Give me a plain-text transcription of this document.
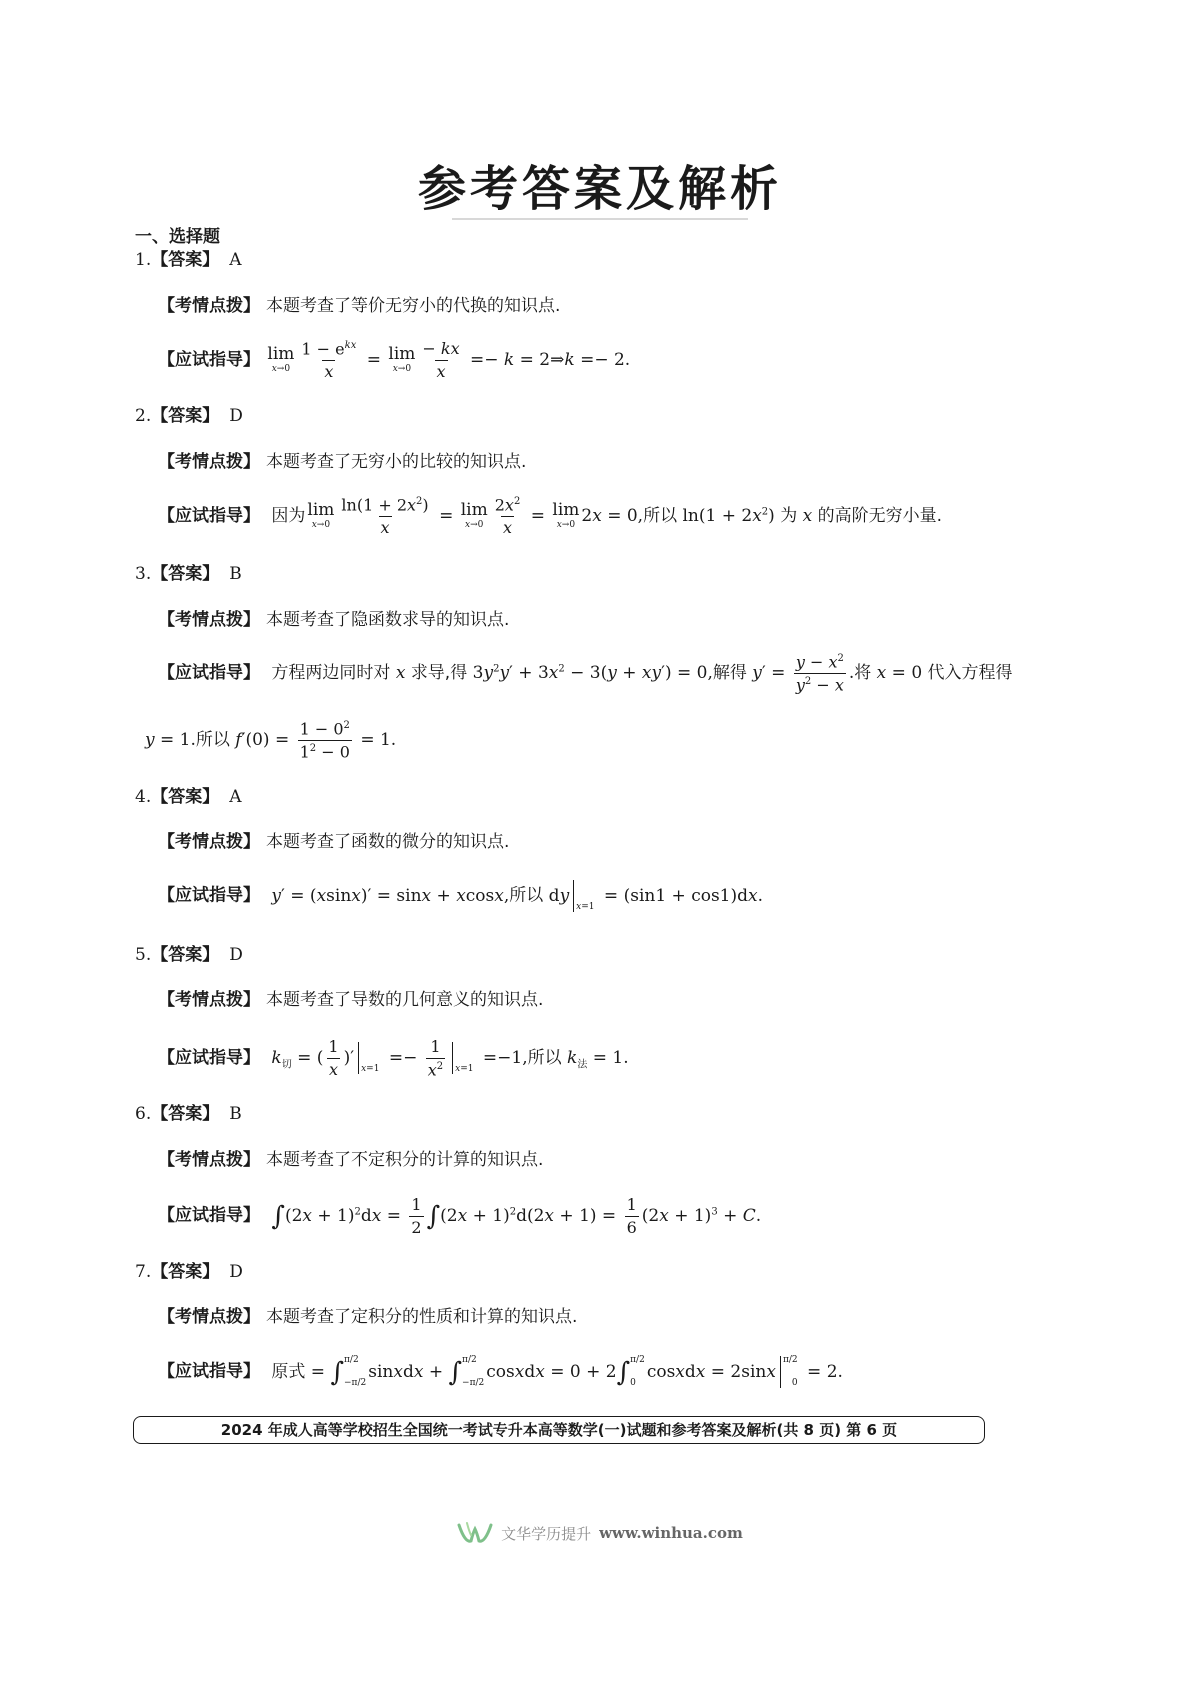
参考答案及解析
一、选择题
1.【答案】 A
【考情点拨】 本题考查了等价无穷小的代换的知识点.
【应试指导】 lim
$x\to 0 \frac{1 - e^{kx}}{x} = \lim$
$x\to 0 \frac{- kx}{x} =- k$ = 2⇒k =− 2.
2.【答案】 D
【考情点拨】 本题考查了无穷小的比较的知识点.
【应试指导】 因为 lim
$x\to 0 \frac{\ln(1 + 2x^2)}{x} = \lim$
$x\to 0 \frac{2x^2}{x} = \lim$
x→0 2x = 0,所以 $\ln(1 + 2x^2)$ 为 x 的高阶无穷小量.
3.【答案】 B
【考情点拨】 本题考查了隐函数求导的知识点.
【应试指导】 方程两边同时对 x 求导,得 $3y^2y' + 3x^2 - 3(y + xy') = 0$,解得 $y' = \frac{y - x^2}{y^2 - x}$ .将 x = 0 代入方程得
y = 1.所以 $f'(0) = \frac{1 - 0^2}{1^2 - 0} = 1$.
4.【答案】 A
【考情点拨】 本题考查了函数的微分的知识点.
【应试指导】 y′ = (xsinx)′ = sinx + xcosx,所以 dy
x=1
= (sin1 + cos1)dx.
5.【答案】 D
【考情点拨】 本题考查了导数的几何意义的知识点.
【应试指导】 $k_切$ = ( $\frac{1}{x}$ )′
x=1
=− $\frac{1}{x^2} x=1$
=−1,所以 $k_法 = 1$.
6.【答案】 B
【考情点拨】 本题考查了不定积分的计算的知识点.
【应试指导】 $\int(2x + 1)^2dx = \frac{1}{2} \int(2x + 1)^2d(2x + 1) = \frac{1}{6} (2x + 1)^3 + C$.
7.【答案】 D
【考情点拨】 本题考查了定积分的性质和计算的知识点.
【应试指导】 原式 = ∫ π/2
−π/2
sinxdx + ∫ π/2
−π/2
cosxdx = 0 + 2∫ π/2
0
cosxdx = 2sinx
π/2
0
= 2.
2024 年成人高等学校招生全国统一考试专升本高等数学(一)试题和参考答案及解析(共 8 页) 第 6 页
文华学历提升 www.winhua.com
